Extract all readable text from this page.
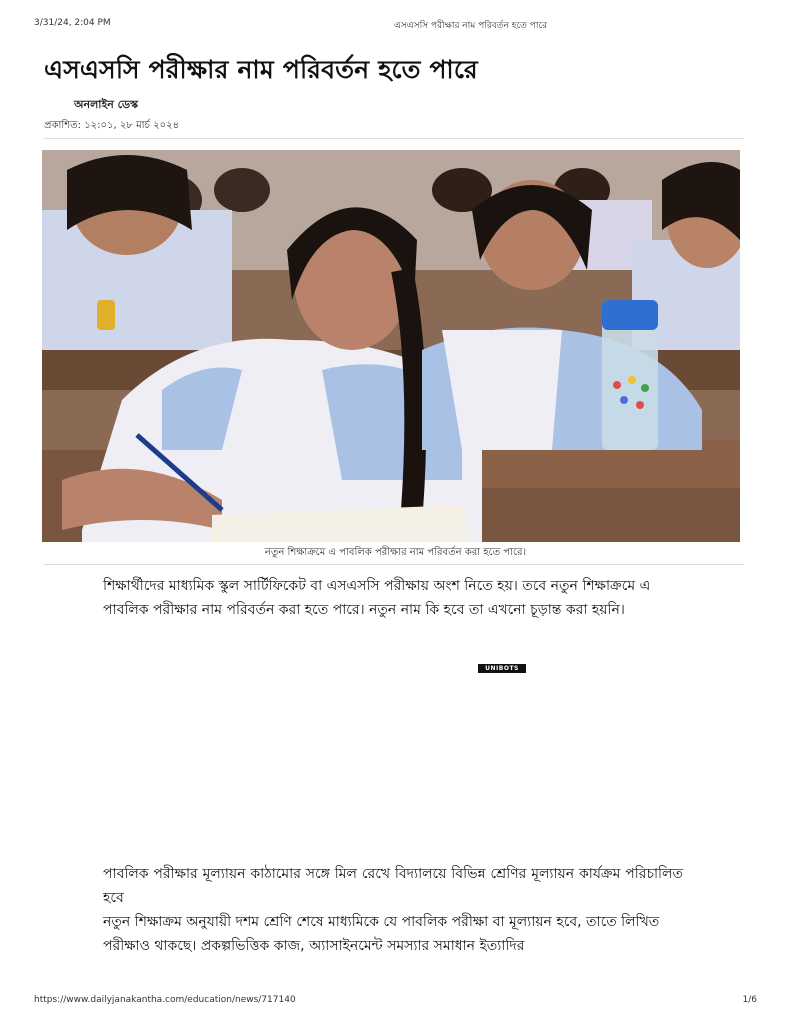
3/31/24, 2:04 PM	এসএসসি পরীক্ষার নাম পরিবর্তন হতে পারে
এসএসসি পরীক্ষার নাম পরিবর্তন হতে পারে
অনলাইন ডেস্ক
প্রকাশিত: ১২:০১, ২৮ মার্চ ২০২৪
নতুন শিক্ষাক্রমে এ পাবলিক পরীক্ষার নাম পরিবর্তন করা হতে পারে।

শিক্ষার্থীদের মাধ্যমিক স্কুল সার্টিফিকেট বা এসএসসি পরীক্ষায় অংশ নিতে হয়। তবে নতুন শিক্ষাক্রমে এ পাবলিক পরীক্ষার নাম পরিবর্তন করা হতে পারে। নতুন নাম কি হবে তা এখনো চূড়ান্ত করা হয়নি।

UNIBOTS

পাবলিক পরীক্ষার মূল্যায়ন কাঠামোর সঙ্গে মিল রেখে বিদ্যালয়ে বিভিন্ন শ্রেণির মূল্যায়ন কার্যক্রম পরিচালিত হবে

নতুন শিক্ষাক্রম অনুযায়ী দশম শ্রেণি শেষে মাধ্যমিকে যে পাবলিক পরীক্ষা বা মূল্যায়ন হবে, তাতে লিখিত পরীক্ষাও থাকছে। প্রকল্পভিত্তিক কাজ, অ্যাসাইনমেন্ট সমস্যার সমাধান ইত্যাদির

https://www.dailyjanakantha.com/education/news/717140	1/6
